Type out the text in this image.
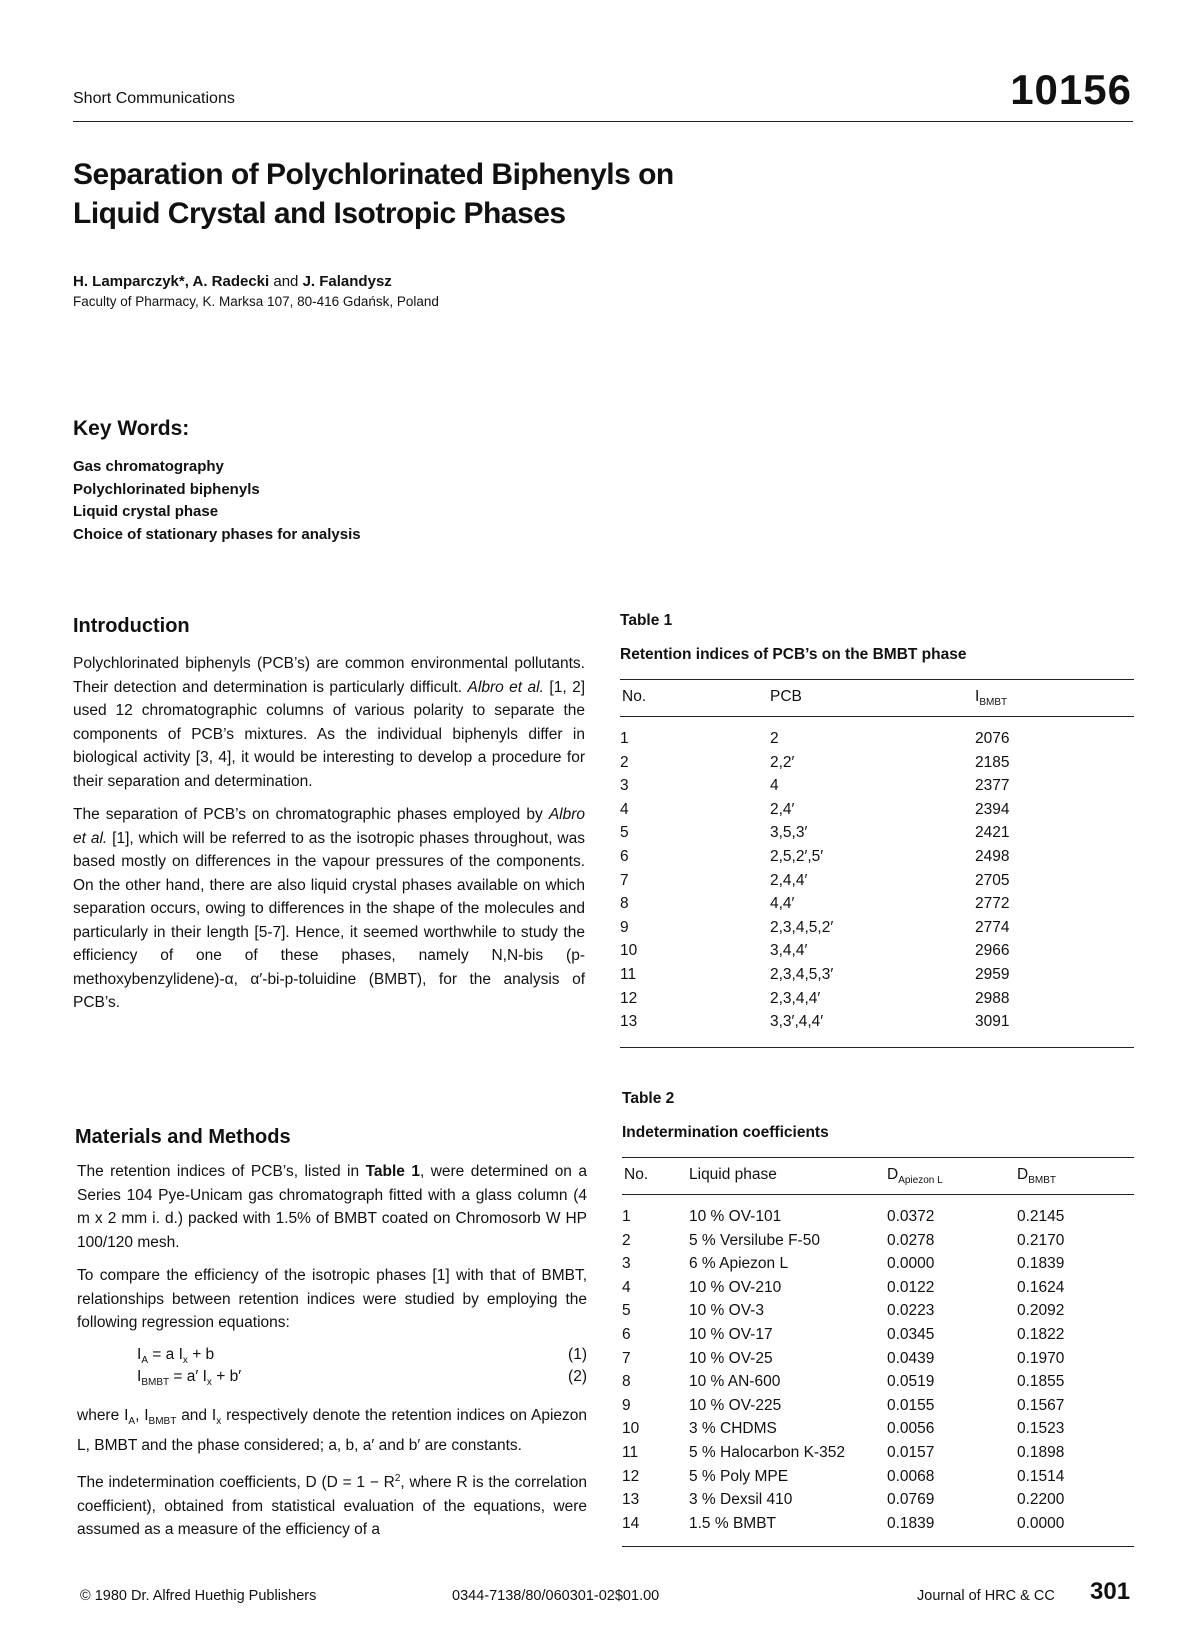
Short Communications	10156
Separation of Polychlorinated Biphenyls on
Liquid Crystal and Isotropic Phases
H. Lamparczyk*, A. Radecki and J. Falandysz
Faculty of Pharmacy, K. Marksa 107, 80-416 Gdańsk, Poland
Key Words:
Gas chromatography
Polychlorinated biphenyls
Liquid crystal phase
Choice of stationary phases for analysis
Introduction

Polychlorinated biphenyls (PCB’s) are common environmental pollutants. Their detection and determination is particularly difficult. Albro et al. [1, 2] used 12 chromatographic columns of various polarity to separate the components of PCB’s mixtures. As the individual biphenyls differ in biological activity [3, 4], it would be interesting to develop a procedure for their separation and determination.

The separation of PCB’s on chromatographic phases employed by Albro et al. [1], which will be referred to as the isotropic phases throughout, was based mostly on differences in the vapour pressures of the components. On the other hand, there are also liquid crystal phases available on which separation occurs, owing to differences in the shape of the molecules and particularly in their length [5-7]. Hence, it seemed worthwhile to study the efficiency of one of these phases, namely N,N-bis (p-methoxybenzylidene)-α, α′-bi-p-toluidine (BMBT), for the analysis of PCB’s.

Materials and Methods

The retention indices of PCB’s, listed in Table 1, were determined on a Series 104 Pye-Unicam gas chromatograph fitted with a glass column (4 m x 2 mm i. d.) packed with 1.5% of BMBT coated on Chromosorb W HP 100/120 mesh.

To compare the efficiency of the isotropic phases [1] with that of BMBT, relationships between retention indices were studied by employing the following regression equations:

$I_A = a$ $I_x + b$	(1)
$I_{BMBT} = a'$ $I_x + b'$	(2)

where $I_A$, $I_{BMBT}$ and $I_x$ respectively denote the retention indices on Apiezon L, BMBT and the phase considered; a, b, a′ and b′ are constants.

The indetermination coefficients, D ($D = 1 - R^2$, where R is the correlation coefficient), obtained from statistical evaluation of the equations, were assumed as a measure of the efficiency of a

Table 1
Retention indices of PCB’s on the BMBT phase
No.	PCB	$I_{BMBT}$
1	2	2076
2	2,2′	2185
3	4	2377
4	2,4′	2394
5	3,5,3′	2421
6	2,5,2′,5′	2498
7	2,4,4′	2705
8	4,4′	2772
9	2,3,4,5,2′	2774
10	3,4,4′	2966
11	2,3,4,5,3′	2959
12	2,3,4,4′	2988
13	3,3′,4,4′	3091
Table 2
Indetermination coefficients
No.	Liquid phase	$D_{Apiezon L}$	$D_{BMBT}$
1	10 % OV-101	0.0372	0.2145
2	5 % Versilube F-50	0.0278	0.2170
3	6 % Apiezon L	0.0000	0.1839
4	10 % OV-210	0.0122	0.1624
5	10 % OV-3	0.0223	0.2092
6	10 % OV-17	0.0345	0.1822
7	10 % OV-25	0.0439	0.1970
8	10 % AN-600	0.0519	0.1855
9	10 % OV-225	0.0155	0.1567
10	3 % CHDMS	0.0056	0.1523
11	5 % Halocarbon K-352	0.0157	0.1898
12	5 % Poly MPE	0.0068	0.1514
13	3 % Dexsil 410	0.0769	0.2200
14	1.5 % BMBT	0.1839	0.0000
© 1980 Dr. Alfred Huethig Publishers	0344-7138/80/060301-02$01.00	Journal of HRC & CC 301
